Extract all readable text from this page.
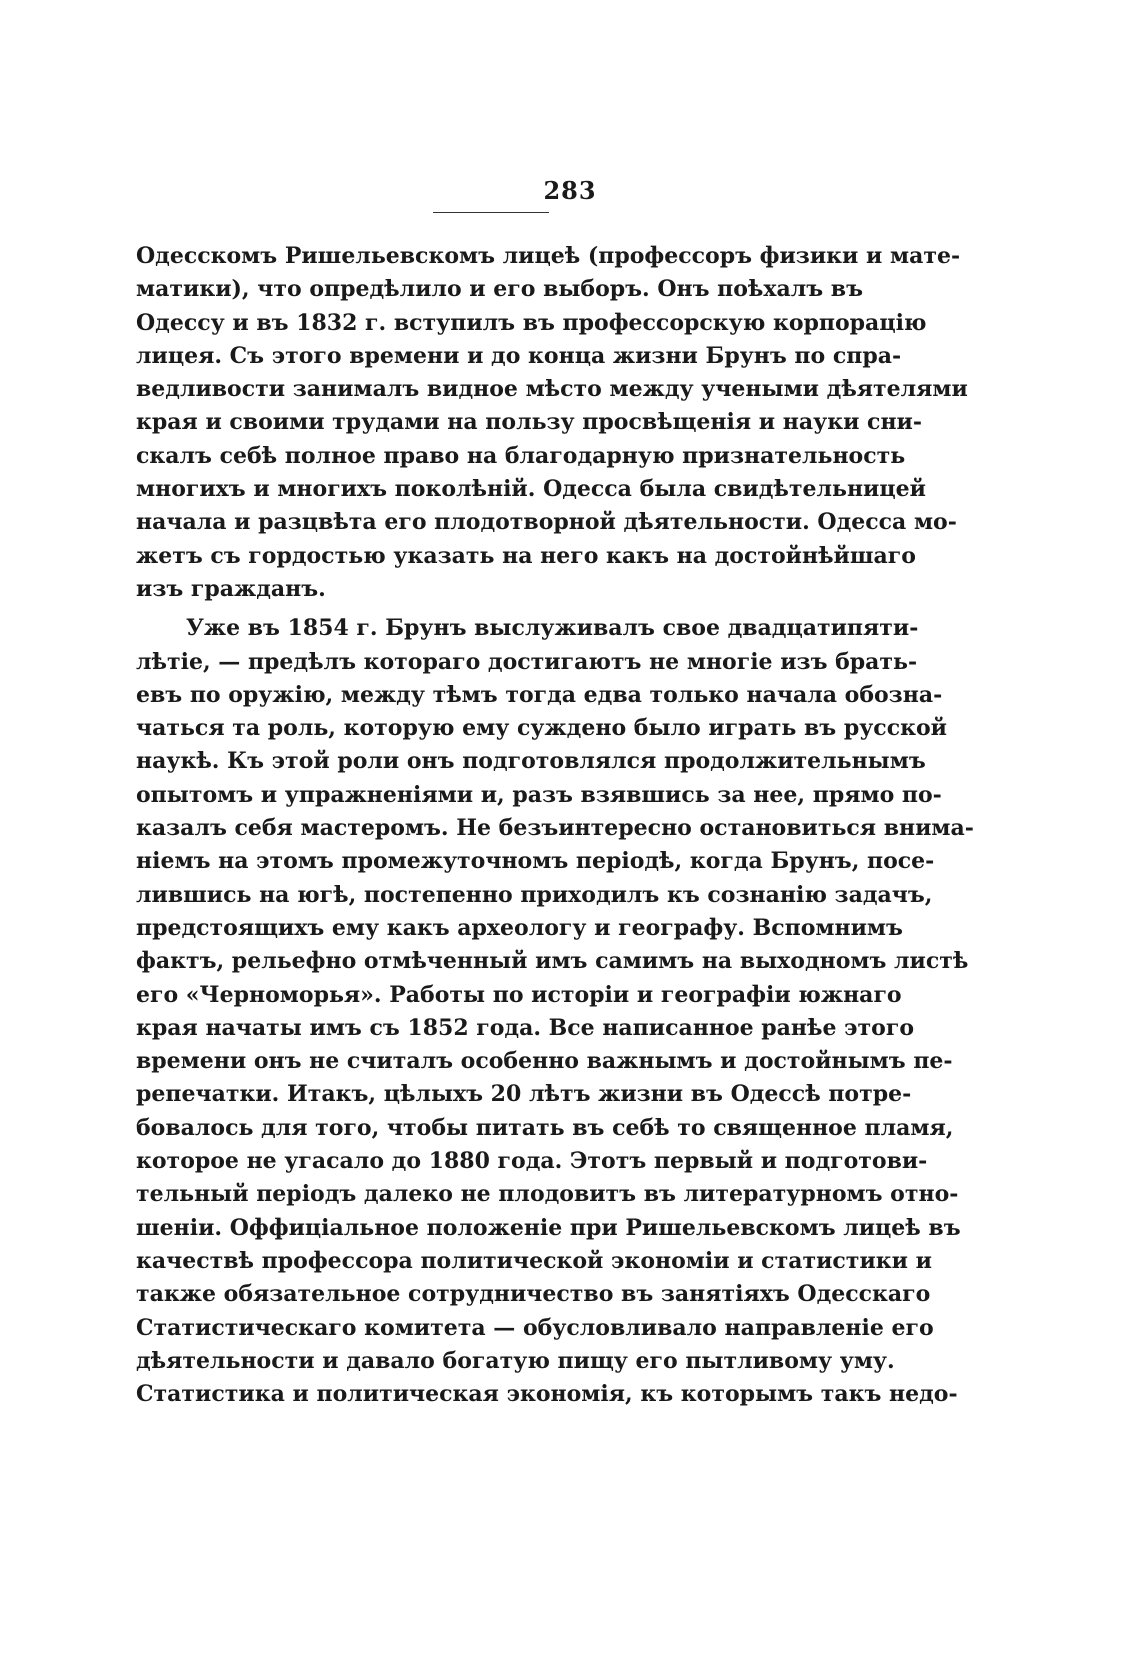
283
Одесскомъ Ришельевскомъ лицеѣ (профессоръ физики и мате-
матики), что опредѣлило и его выборъ. Онъ поѣхалъ въ
Одессу и въ 1832 г. вступилъ въ профессорскую корпорацію
лицея. Съ этого времени и до конца жизни Брунъ по спра-
ведливости занималъ видное мѣсто между учеными дѣятелями
края и своими трудами на пользу просвѣщенія и науки сни-
скалъ себѣ полное право на благодарную признательность
многихъ и многихъ поколѣній. Одесса была свидѣтельницей
начала и разцвѣта его плодотворной дѣятельности. Одесса мо-
жетъ съ гордостью указать на него какъ на достойнѣйшаго
изъ гражданъ.
Уже въ 1854 г. Брунъ выслуживалъ свое двадцатипяти-
лѣтіе, — предѣлъ котораго достигаютъ не многіе изъ брать-
евъ по оружію, между тѣмъ тогда едва только начала обозна-
чаться та роль, которую ему суждено было играть въ русской
наукѣ. Къ этой роли онъ подготовлялся продолжительнымъ
опытомъ и упражненіями и, разъ взявшись за нее, прямо по-
казалъ себя мастеромъ. Не безъинтересно остановиться внима-
ніемъ на этомъ промежуточномъ періодѣ, когда Брунъ, посе-
лившись на югѣ, постепенно приходилъ къ сознанію задачъ,
предстоящихъ ему какъ археологу и географу. Вспомнимъ
фактъ, рельефно отмѣченный имъ самимъ на выходномъ листѣ
его «Черноморья». Работы по исторіи и географіи южнаго
края начаты имъ съ 1852 года. Все написанное ранѣе этого
времени онъ не считалъ особенно важнымъ и достойнымъ пе-
репечатки. Итакъ, цѣлыхъ 20 лѣтъ жизни въ Одессѣ потре-
бовалось для того, чтобы питать въ себѣ то священное пламя,
которое не угасало до 1880 года. Этотъ первый и подготови-
тельный періодъ далеко не плодовитъ въ литературномъ отно-
шеніи. Оффиціальное положеніе при Ришельевскомъ лицеѣ въ
качествѣ профессора политической экономіи и статистики и
также обязательное сотрудничество въ занятіяхъ Одесскаго
Статистическаго комитета — обусловливало направленіе его
дѣятельности и давало богатую пищу его пытливому уму.
Статистика и политическая экономія, къ которымъ такъ недо-
